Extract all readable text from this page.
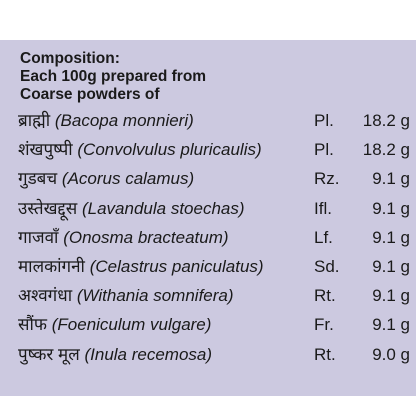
Composition:
Each 100g prepared from
Coarse powders of
ब्राह्मी (Bacopa monnieri)	Pl. 18.2 g
शंखपुष्पी (Convolvulus pluricaulis)	Pl. 18.2 g
गुडबच (Acorus calamus)	Rz. 9.1 g
उस्तेखद्दूस (Lavandula stoechas)	Ifl. 9.1 g
गाजवाँ (Onosma bracteatum)	Lf. 9.1 g
मालकांगनी (Celastrus paniculatus)	Sd. 9.1 g
अश्वगंधा (Withania somnifera)	Rt. 9.1 g
सौंफ (Foeniculum vulgare)	Fr. 9.1 g
पुष्कर मूल (Inula recemosa)	Rt. 9.0 g
